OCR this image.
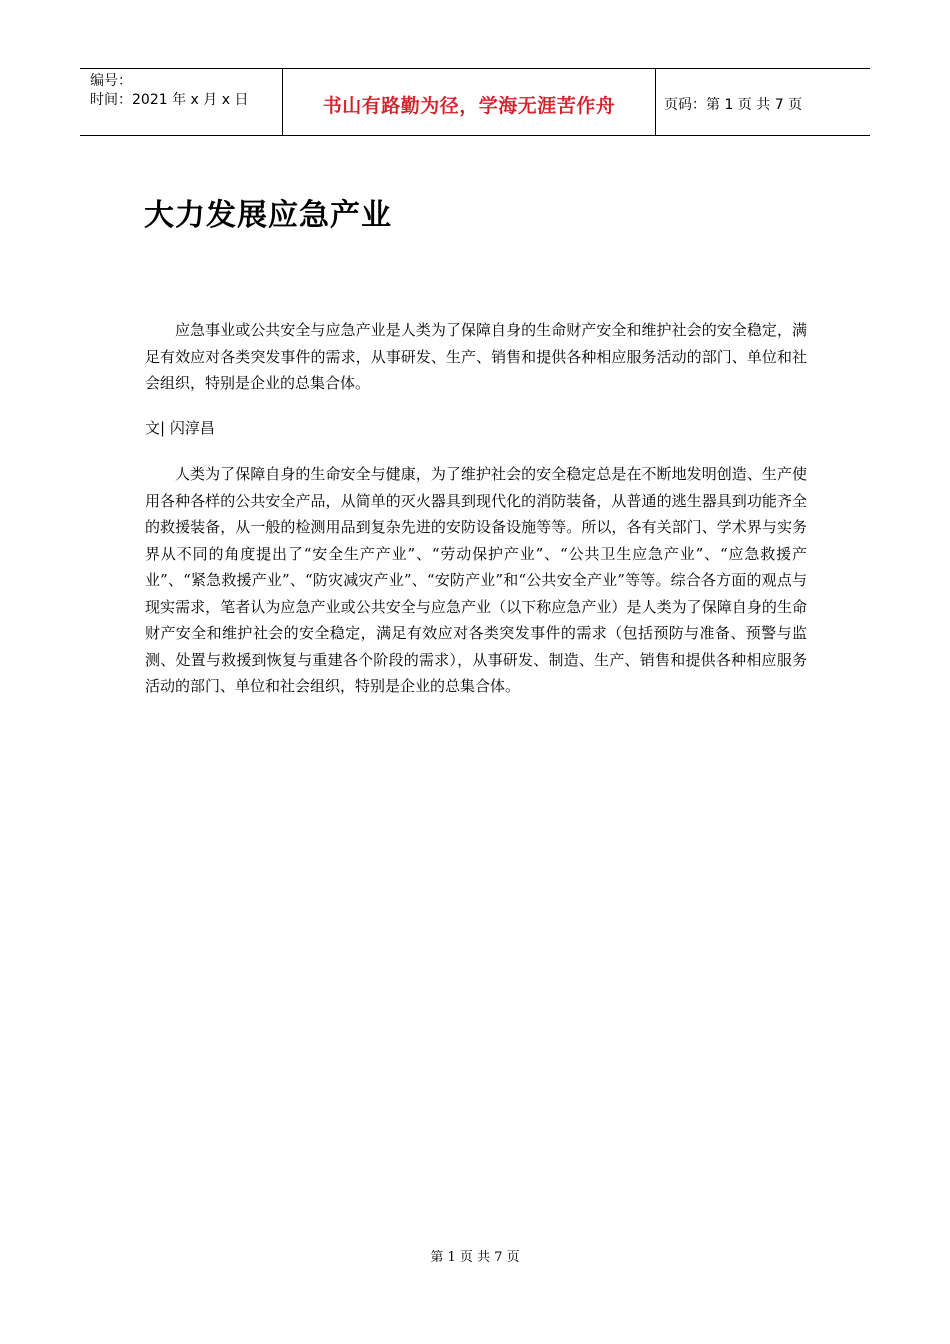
编号：
时间：2021 年 x 月 x 日	书山有路勤为径，学海无涯苦作舟	页码：第 1 页 共 7 页
大力发展应急产业

应急事业或公共安全与应急产业是人类为了保障自身的生命财产安全和维护社会的安全稳定，满足有效应对各类突发事件的需求，从事研发、生产、销售和提供各种相应服务活动的部门、单位和社会组织，特别是企业的总集合体。

文| 闪淳昌

人类为了保障自身的生命安全与健康，为了维护社会的安全稳定总是在不断地发明创造、生产使用各种各样的公共安全产品，从简单的灭火器具到现代化的消防装备，从普通的逃生器具到功能齐全的救援装备，从一般的检测用品到复杂先进的安防设备设施等等。所以，各有关部门、学术界与实务界从不同的角度提出了“安全生产产业”、“劳动保护产业”、“公共卫生应急产业”、“应急救援产业”、“紧急救援产业”、“防灾减灾产业”、“安防产业”和“公共安全产业”等等。综合各方面的观点与现实需求，笔者认为应急产业或公共安全与应急产业（以下称应急产业）是人类为了保障自身的生命财产安全和维护社会的安全稳定，满足有效应对各类突发事件的需求（包括预防与准备、预警与监测、处置与救援到恢复与重建各个阶段的需求），从事研发、制造、生产、销售和提供各种相应服务活动的部门、单位和社会组织，特别是企业的总集合体。

第 1 页 共 7 页
